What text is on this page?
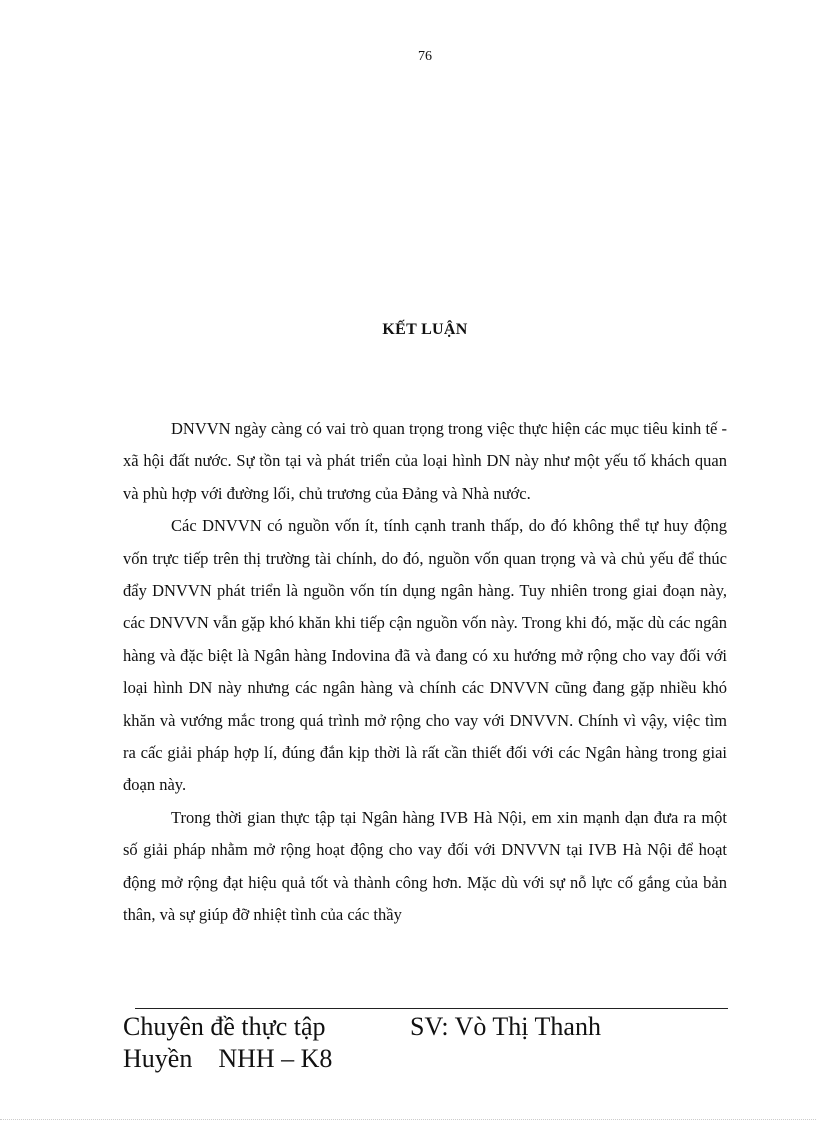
76
KẾT LUẬN

DNVVN ngày càng có vai trò quan trọng trong việc thực hiện các mục tiêu kinh tế - xã hội đất nước. Sự tồn tại và phát triển của loại hình DN này như một yếu tố khách quan và phù hợp với đường lối, chủ trương của Đảng và Nhà nước.

Các DNVVN có nguồn vốn ít, tính cạnh tranh thấp, do đó không thể tự huy động vốn trực tiếp trên thị trường tài chính, do đó, nguồn vốn quan trọng và và chủ yếu để thúc đẩy DNVVN phát triển là nguồn vốn tín dụng ngân hàng. Tuy nhiên trong giai đoạn này, các DNVVN vẫn gặp khó khăn khi tiếp cận nguồn vốn này. Trong khi đó, mặc dù các ngân hàng và đặc biệt là Ngân hàng Indovina đã và đang có xu hướng mở rộng cho vay đối với loại hình DN này nhưng các ngân hàng và chính các DNVVN cũng đang gặp nhiều khó khăn và vướng mắc trong quá trình mở rộng cho vay với DNVVN. Chính vì vậy, việc tìm ra cấc giải pháp hợp lí, đúng đắn kịp thời là rất cần thiết đối với các Ngân hàng trong giai đoạn này.

Trong thời gian thực tập tại Ngân hàng IVB Hà Nội, em xin mạnh dạn đưa ra một số giải pháp nhằm mở rộng hoạt động cho vay đối với DNVVN tại IVB Hà Nội để hoạt động mở rộng đạt hiệu quả tốt và thành công hơn. Mặc dù với sự nỗ lực cố gắng của bản thân, và sự giúp đỡ nhiệt tình của các thầy

Chuyên đề thực tập             SV: Vò Thị Thanh
Huyền    NHH – K8
